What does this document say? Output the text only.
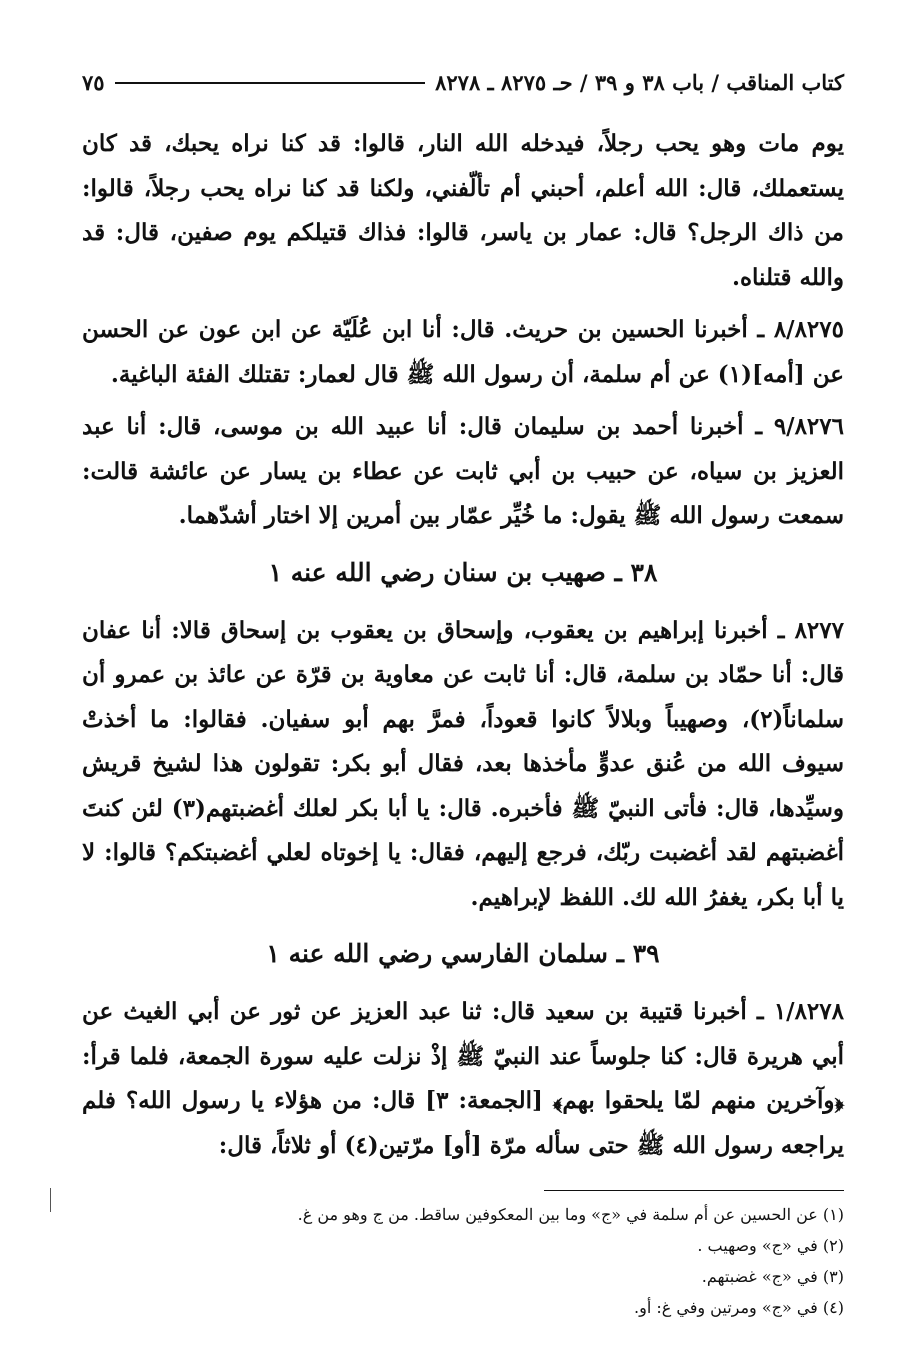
كتاب المناقب / باب ٣٨ و ٣٩ / حـ ٨٢٧٥ ـ ٨٢٧٨
٧٥

يوم مات وهو يحب رجلاً، فيدخله الله النار، قالوا: قد كنا نراه يحبك، قد كان يستعملك، قال: الله أعلم، أحبني أم تألّفني، ولكنا قد كنا نراه يحب رجلاً، قالوا: من ذاك الرجل؟ قال: عمار بن ياسر، قالوا: فذاك قتيلكم يوم صفين، قال: قد والله قتلناه.

٨/٨٢٧٥ ـ أخبرنا الحسين بن حريث. قال: أنا ابن عُلَيّة عن ابن عون عن الحسن عن [أمه](١) عن أم سلمة، أن رسول الله ﷺ قال لعمار: تقتلك الفئة الباغية.

٩/٨٢٧٦ ـ أخبرنا أحمد بن سليمان قال: أنا عبيد الله بن موسى، قال: أنا عبد العزيز بن سياه، عن حبيب بن أبي ثابت عن عطاء بن يسار عن عائشة قالت: سمعت رسول الله ﷺ يقول: ما خُيِّر عمّار بين أمرين إلا اختار أشدّهما.

٣٨ ـ صهيب بن سنان رضي الله عنه ١

٨٢٧٧ ـ أخبرنا إبراهيم بن يعقوب، وإسحاق بن يعقوب بن إسحاق قالا: أنا عفان قال: أنا حمّاد بن سلمة، قال: أنا ثابت عن معاوية بن قرّة عن عائذ بن عمرو أن سلماناً(٢)، وصهيباً وبلالاً كانوا قعوداً، فمرَّ بهم أبو سفيان. فقالوا: ما أخذتْ سيوف الله من عُنق عدوٍّ مأخذها بعد، فقال أبو بكر: تقولون هذا لشيخ قريش وسيِّدها، قال: فأتى النبيّ ﷺ فأخبره. قال: يا أبا بكر لعلك أغضبتهم(٣) لئن كنتَ أغضبتهم لقد أغضبت ربّك، فرجع إليهم، فقال: يا إخوتاه لعلي أغضبتكم؟ قالوا: لا يا أبا بكر، يغفرُ الله لك. اللفظ لإبراهيم.

٣٩ ـ سلمان الفارسي رضي الله عنه ١

١/٨٢٧٨ ـ أخبرنا قتيبة بن سعيد قال: ثنا عبد العزيز عن ثور عن أبي الغيث عن أبي هريرة قال: كنا جلوساً عند النبيّ ﷺ إذْ نزلت عليه سورة الجمعة، فلما قرأ: ﴿وآخرين منهم لمّا يلحقوا بهم﴾ [الجمعة: ٣] قال: من هؤلاء يا رسول الله؟ فلم يراجعه رسول الله ﷺ حتى سأله مرّة [أو] مرّتين(٤) أو ثلاثاً، قال:

(١) عن الحسين عن أم سلمة في «ج» وما بين المعكوفين ساقط. من ج وهو من غ.
(٢) في «ج» وصهيب .
(٣) في «ج» غضبتهم.
(٤) في «ج» ومرتين وفي غ: أو.
